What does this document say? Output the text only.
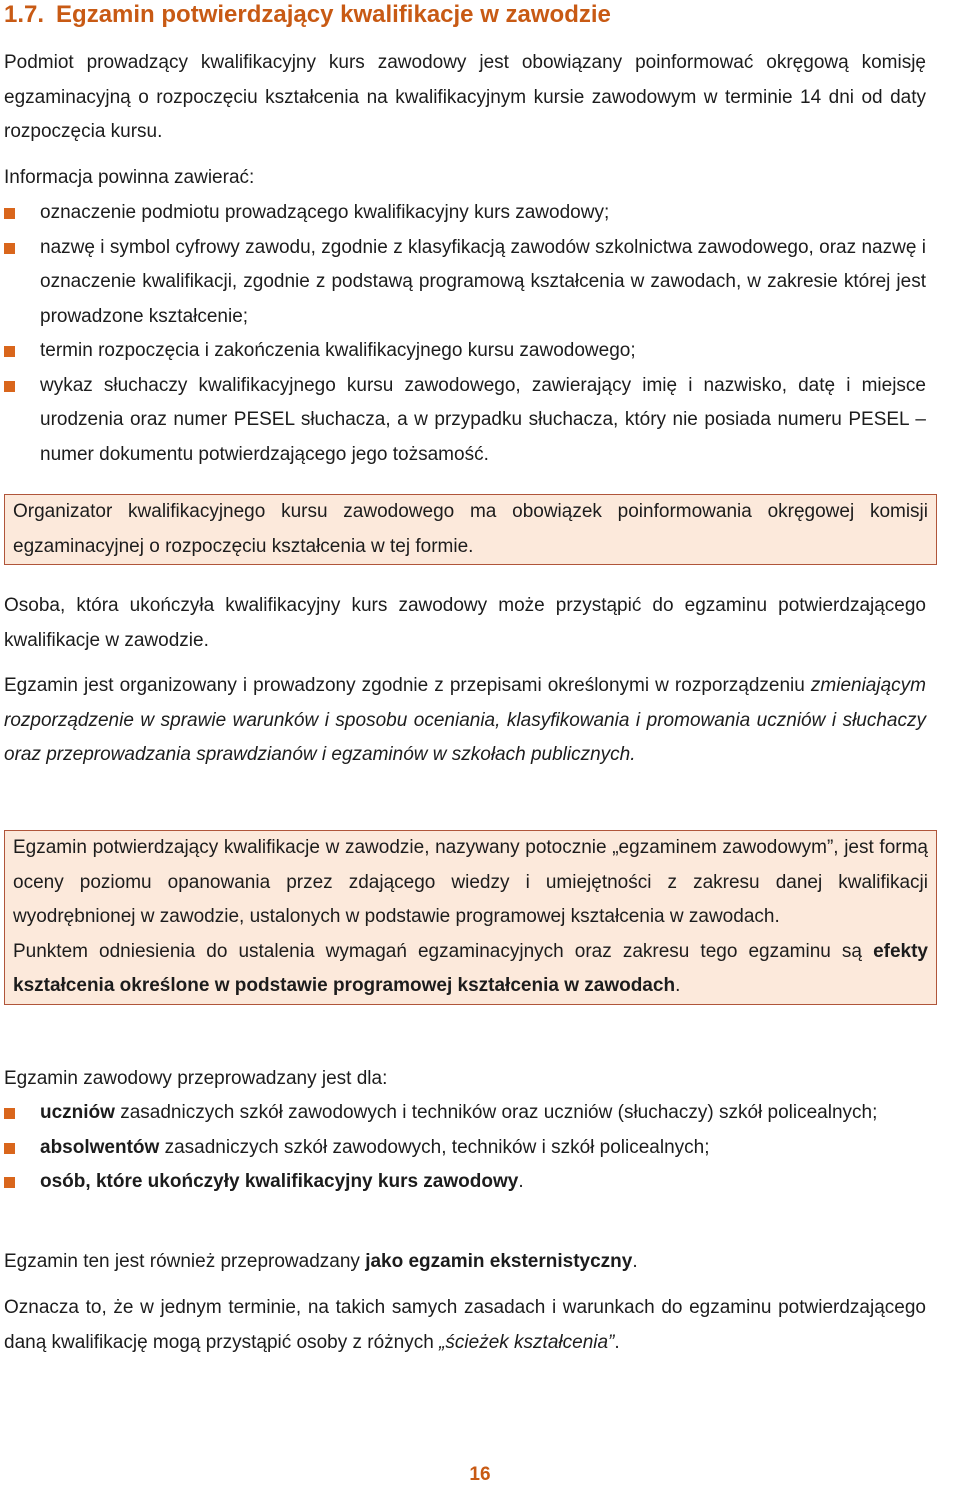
1.7. Egzamin potwierdzający kwalifikacje w zawodzie

Podmiot prowadzący kwalifikacyjny kurs zawodowy jest obowiązany poinformować okręgową komisję egzaminacyjną o rozpoczęciu kształcenia na kwalifikacyjnym kursie zawodowym w terminie 14 dni od daty rozpoczęcia kursu.

Informacja powinna zawierać:

oznaczenie podmiotu prowadzącego kwalifikacyjny kurs zawodowy;
nazwę i symbol cyfrowy zawodu, zgodnie z klasyfikacją zawodów szkolnictwa zawodowego, oraz nazwę i oznaczenie kwalifikacji, zgodnie z podstawą programową kształcenia w zawodach, w zakresie której jest prowadzone kształcenie;
termin rozpoczęcia i zakończenia kwalifikacyjnego kursu zawodowego;
wykaz słuchaczy kwalifikacyjnego kursu zawodowego, zawierający imię i nazwisko, datę i miejsce urodzenia oraz numer PESEL słuchacza, a w przypadku słuchacza, który nie posiada numeru PESEL – numer dokumentu potwierdzającego jego tożsamość.

Organizator kwalifikacyjnego kursu zawodowego ma obowiązek poinformowania okręgowej komisji egzaminacyjnej o rozpoczęciu kształcenia w tej formie.

Osoba, która ukończyła kwalifikacyjny kurs zawodowy może przystąpić do egzaminu potwierdzającego kwalifikacje w zawodzie.

Egzamin jest organizowany i prowadzony zgodnie z przepisami określonymi w rozporządzeniu zmieniającym rozporządzenie w sprawie warunków i sposobu oceniania, klasyfikowania i promowania uczniów i słuchaczy oraz przeprowadzania sprawdzianów i egzaminów w szkołach publicznych.

Egzamin potwierdzający kwalifikacje w zawodzie, nazywany potocznie „egzaminem zawodowym”, jest formą oceny poziomu opanowania przez zdającego wiedzy i umiejętności z zakresu danej kwalifikacji wyodrębnionej w zawodzie, ustalonych w podstawie programowej kształcenia w zawodach.

Punktem odniesienia do ustalenia wymagań egzaminacyjnych oraz zakresu tego egzaminu są efekty kształcenia określone w podstawie programowej kształcenia w zawodach.

Egzamin zawodowy przeprowadzany jest dla:

uczniów zasadniczych szkół zawodowych i techników oraz uczniów (słuchaczy) szkół policealnych;
absolwentów zasadniczych szkół zawodowych, techników i szkół policealnych;
osób, które ukończyły kwalifikacyjny kurs zawodowy.

Egzamin ten jest również przeprowadzany jako egzamin eksternistyczny.

Oznacza to, że w jednym terminie, na takich samych zasadach i warunkach do egzaminu potwierdzającego daną kwalifikację mogą przystąpić osoby z różnych „ścieżek kształcenia”.

16
